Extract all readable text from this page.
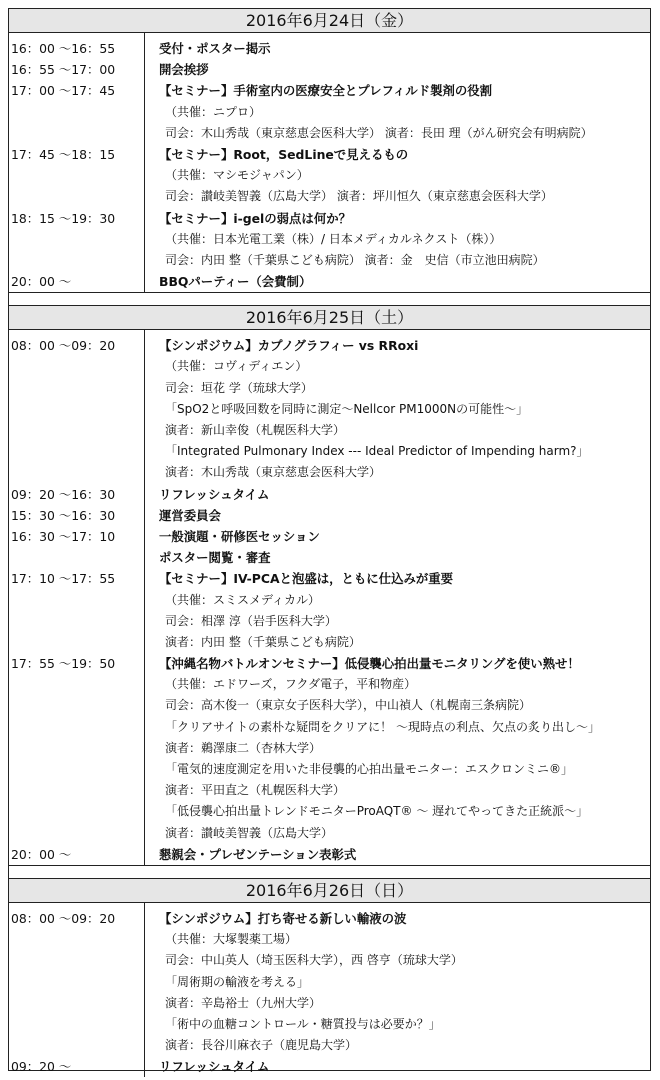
2016年6月24日（金）
16：00 〜16：55
16：55 〜17：00
17：00 〜17：45
17：45 〜18：15
18：15 〜19：30
20：00 〜
受付・ポスター掲示
開会挨拶
【セミナー】手術室内の医療安全とプレフィルド製剤の役割
（共催：ニプロ）
司会：木山秀哉（東京慈恵会医科大学） 演者：長田 理（がん研究会有明病院）
【セミナー】Root，SedLineで見えるもの
（共催：マシモジャパン）
司会：讃岐美智義（広島大学） 演者：坪川恒久（東京慈恵会医科大学）
【セミナー】i-gelの弱点は何か？
（共催：日本光電工業（株）/ 日本メディカルネクスト（株））
司会：内田 整（千葉県こども病院） 演者：金　史信（市立池田病院）
BBQパーティー（会費制）
2016年6月25日（土）
08：00 〜09：20
09：20 〜16：30
15：30 〜16：30
16：30 〜17：10
17：10 〜17：55
17：55 〜19：50
20：00 〜
【シンポジウム】カプノグラフィー vs RRoxi
（共催：コヴィディエン）
司会：垣花 学（琉球大学）
「SpO2と呼吸回数を同時に測定〜Nellcor PM1000Nの可能性〜」
演者：新山幸俊（札幌医科大学）
「Integrated Pulmonary Index --- Ideal Predictor of Impending harm?」
演者：木山秀哉（東京慈恵会医科大学）
リフレッシュタイム
運営委員会
一般演題・研修医セッション
ポスター閲覧・審査
【セミナー】IV-PCAと泡盛は，ともに仕込みが重要
（共催：スミスメディカル）
司会：相澤 淳（岩手医科大学）
演者：内田 整（千葉県こども病院）
【沖縄名物バトルオンセミナー】低侵襲心拍出量モニタリングを使い熟せ！
（共催：エドワーズ，フクダ電子，平和物産）
司会：高木俊一（東京女子医科大学），中山禎人（札幌南三条病院）
「クリアサイトの素朴な疑問をクリアに！ 〜現時点の利点、欠点の炙り出し〜」
演者：鵜澤康二（杏林大学）
「電気的速度測定を用いた非侵襲的心拍出量モニター：エスクロンミニ®」
演者：平田直之（札幌医科大学）
「低侵襲心拍出量トレンドモニターProAQT® 〜 遅れてやってきた正統派〜」
演者：讃岐美智義（広島大学）
懇親会・プレゼンテーション表彰式
2016年6月26日（日）
08：00 〜09：20
09：20 〜
【シンポジウム】打ち寄せる新しい輸液の波
（共催：大塚製薬工場）
司会：中山英人（埼玉医科大学），西 啓亨（琉球大学）
「周術期の輸液を考える」
演者：辛島裕士（九州大学）
「術中の血糖コントロール・糖質投与は必要か？」
演者：長谷川麻衣子（鹿児島大学）
リフレッシュタイム
